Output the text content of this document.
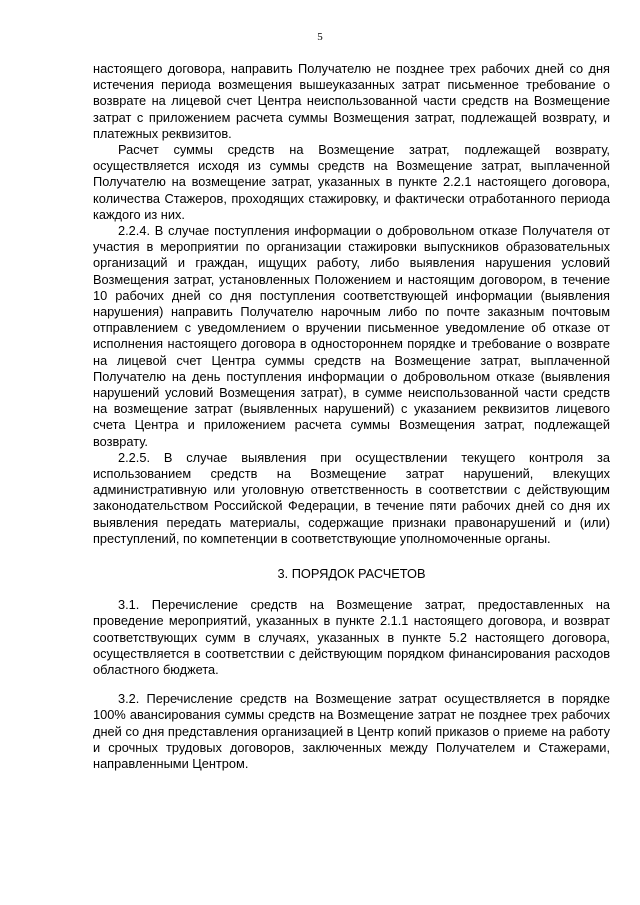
5

настоящего договора, направить Получателю не позднее трех рабочих дней со дня истечения периода возмещения вышеуказанных затрат письменное требование о возврате на лицевой счет Центра неиспользованной части средств на Возмещение затрат с приложением расчета суммы Возмещения затрат, подлежащей возврату, и платежных реквизитов.

Расчет суммы средств на Возмещение затрат, подлежащей возврату, осуществляется исходя из суммы средств на Возмещение затрат, выплаченной Получателю на возмещение затрат, указанных в пункте 2.2.1 настоящего договора, количества Стажеров, проходящих стажировку, и фактически отработанного периода каждого из них.

2.2.4. В случае поступления информации о добровольном отказе Получателя от участия в мероприятии по организации стажировки выпускников образовательных организаций и граждан, ищущих работу, либо выявления нарушения условий Возмещения затрат, установленных Положением и настоящим договором, в течение 10 рабочих дней со дня поступления соответствующей информации (выявления нарушения) направить Получателю нарочным либо по почте заказным почтовым отправлением с уведомлением о вручении письменное уведомление об отказе от исполнения настоящего договора в одностороннем порядке и требование о возврате на лицевой счет Центра суммы средств на Возмещение затрат, выплаченной Получателю на день поступления информации о добровольном отказе (выявления нарушений условий Возмещения затрат), в сумме неиспользованной части средств на возмещение затрат (выявленных нарушений) с указанием реквизитов лицевого счета Центра и приложением расчета суммы Возмещения затрат, подлежащей возврату.

2.2.5. В случае выявления при осуществлении текущего контроля за использованием средств на Возмещение затрат нарушений, влекущих административную или уголовную ответственность в соответствии с действующим законодательством Российской Федерации, в течение пяти рабочих дней со дня их выявления передать материалы, содержащие признаки правонарушений и (или) преступлений, по компетенции в соответствующие уполномоченные органы.

3. ПОРЯДОК РАСЧЕТОВ

3.1. Перечисление средств на Возмещение затрат, предоставленных на проведение мероприятий, указанных в пункте 2.1.1 настоящего договора, и возврат соответствующих сумм в случаях, указанных в пункте 5.2 настоящего договора, осуществляется в соответствии с действующим порядком финансирования расходов областного бюджета.

3.2. Перечисление средств на Возмещение затрат осуществляется в порядке 100% авансирования суммы средств на Возмещение затрат не позднее трех рабочих дней со дня представления организацией в Центр копий приказов о приеме на работу и срочных трудовых договоров, заключенных между Получателем и Стажерами, направленными Центром.
